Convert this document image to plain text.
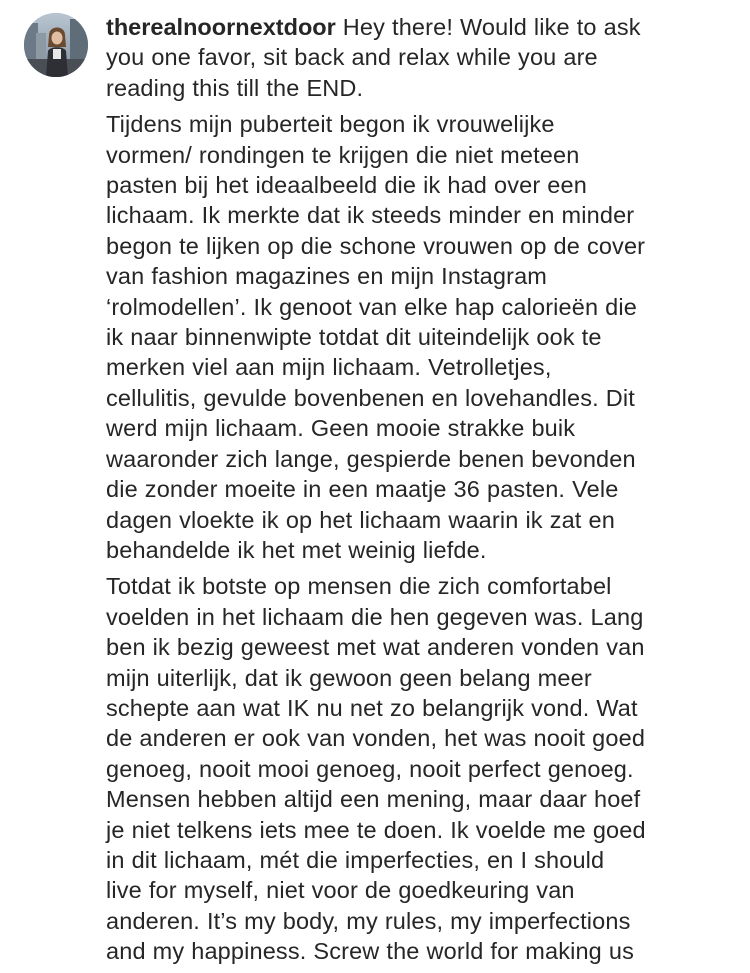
therealnoornextdoor Hey there! Would like to ask
you one favor, sit back and relax while you are
reading this till the END.

Tijdens mijn puberteit begon ik vrouwelijke
vormen/ rondingen te krijgen die niet meteen
pasten bij het ideaalbeeld die ik had over een
lichaam. Ik merkte dat ik steeds minder en minder
begon te lijken op die schone vrouwen op de cover
van fashion magazines en mijn Instagram
‘rolmodellen’. Ik genoot van elke hap calorieën die
ik naar binnenwipte totdat dit uiteindelijk ook te
merken viel aan mijn lichaam. Vetrolletjes,
cellulitis, gevulde bovenbenen en lovehandles. Dit
werd mijn lichaam. Geen mooie strakke buik
waaronder zich lange, gespierde benen bevonden
die zonder moeite in een maatje 36 pasten. Vele
dagen vloekte ik op het lichaam waarin ik zat en
behandelde ik het met weinig liefde.

Totdat ik botste op mensen die zich comfortabel
voelden in het lichaam die hen gegeven was. Lang
ben ik bezig geweest met wat anderen vonden van
mijn uiterlijk, dat ik gewoon geen belang meer
schepte aan wat IK nu net zo belangrijk vond. Wat
de anderen er ook van vonden, het was nooit goed
genoeg, nooit mooi genoeg, nooit perfect genoeg.
Mensen hebben altijd een mening, maar daar hoef
je niet telkens iets mee te doen. Ik voelde me goed
in dit lichaam, mét die imperfecties, en I should
live for myself, niet voor de goedkeuring van
anderen. It’s my body, my rules, my imperfections
and my happiness. Screw the world for making us
